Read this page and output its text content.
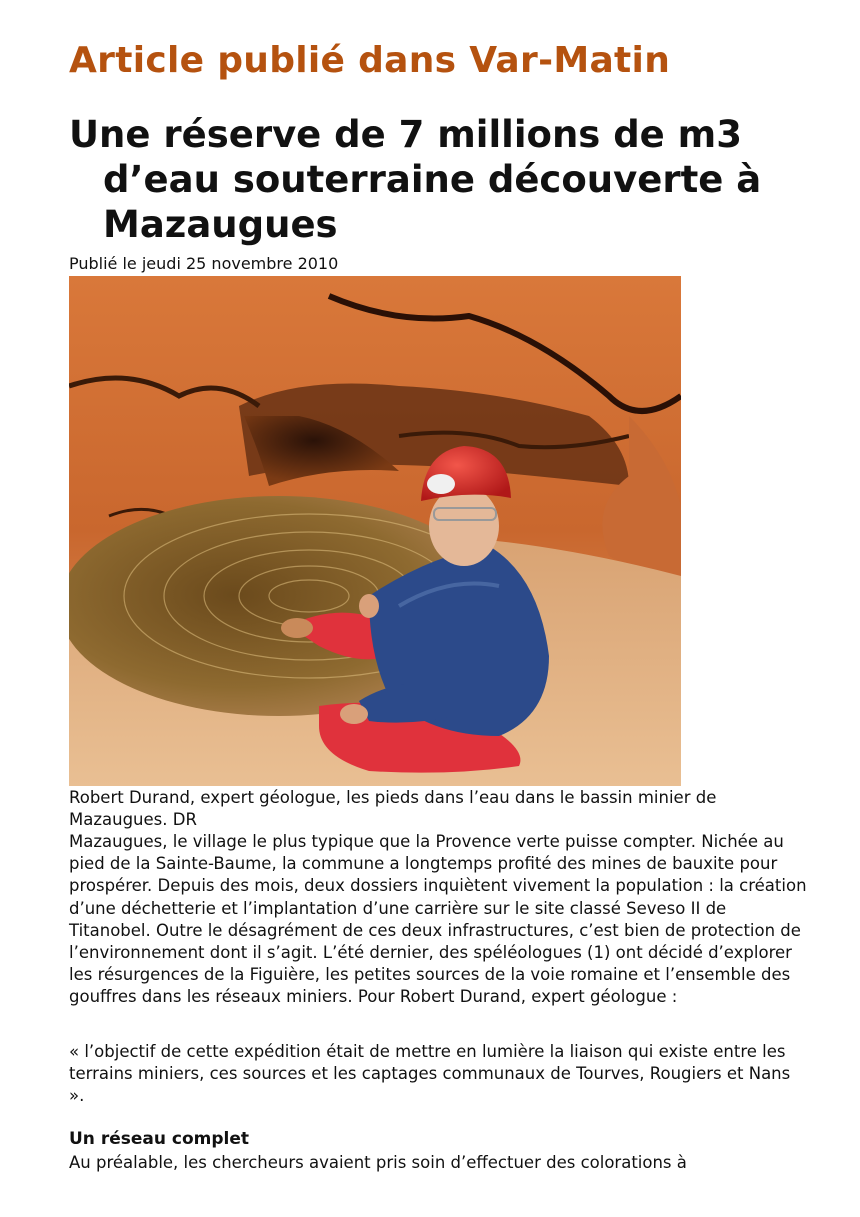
Article publié dans Var-Matin
Une réserve de 7 millions de m3
d’eau souterraine découverte à
Mazaugues

Publié le jeudi 25 novembre 2010

Robert Durand, expert géologue, les pieds dans l’eau dans le bassin minier de Mazaugues. DR

Mazaugues, le village le plus typique que la Provence verte puisse compter. Nichée au pied de la Sainte-Baume, la commune a longtemps profité des mines de bauxite pour prospérer. Depuis des mois, deux dossiers inquiètent vivement la population : la création d’une déchetterie et l’implantation d’une carrière sur le site classé Seveso II de Titanobel. Outre le désagrément de ces deux infrastructures, c’est bien de protection de l’environnement dont il s’agit. L’été dernier, des spéléologues (1) ont décidé d’explorer les résurgences de la Figuière, les petites sources de la voie romaine et l’ensemble des gouffres dans les réseaux miniers. Pour Robert Durand, expert géologue :

« l’objectif de cette expédition était de mettre en lumière la liaison qui existe entre les terrains miniers, ces sources et les captages communaux de Tourves, Rougiers et Nans ».

Un réseau complet

Au préalable, les chercheurs avaient pris soin d’effectuer des colorations à
